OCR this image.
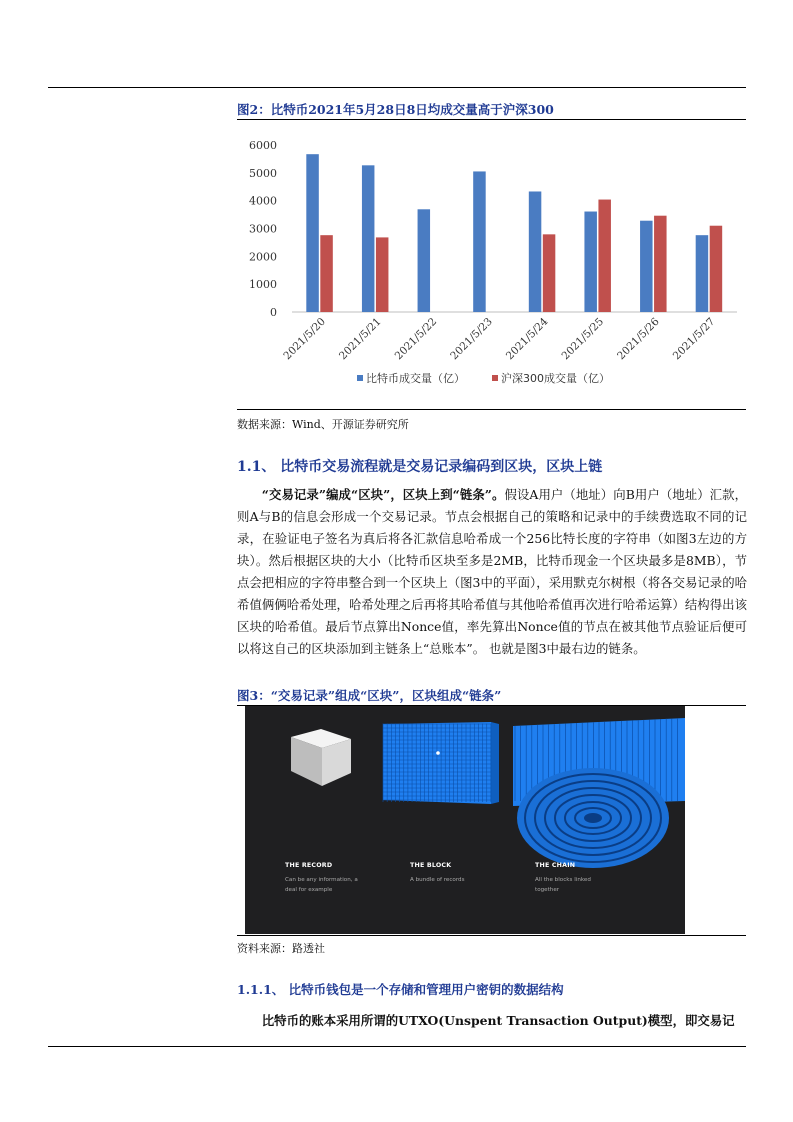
图2：比特币2021年5月28日8日均成交量高于沪深300
0
1000
2000
3000
4000
5000
6000
2021/5/20 2021/5/21 2021/5/22 2021/5/23 2021/5/24 2021/5/25 2021/5/26 2021/5/27
比特币成交量（亿）	沪深300成交量（亿）
数据来源：Wind、开源证券研究所
1.1、 比特币交易流程就是交易记录编码到区块，区块上链

“交易记录”编成“区块”，区块上到“链条”。假设A用户（地址）向B用户（地址）汇款，则A与B的信息会形成一个交易记录。节点会根据自己的策略和记录中的手续费选取不同的记录，在验证电子签名为真后将各汇款信息哈希成一个256比特长度的字符串（如图3左边的方块）。然后根据区块的大小（比特币区块至多是2MB，比特币现金一个区块最多是8MB），节点会把相应的字符串整合到一个区块上（图3中的平面），采用默克尔树根（将各交易记录的哈希值俩俩哈希处理，哈希处理之后再将其哈希值与其他哈希值再次进行哈希运算）结构得出该区块的哈希值。最后节点算出Nonce值，率先算出Nonce值的节点在被其他节点验证后便可以将这自己的区块添加到主链条上“总账本”。 也就是图3中最右边的链条。

图3：“交易记录”组成“区块”，区块组成“链条”
THE RECORD
Can be any information, a deal for example
THE BLOCK
A bundle of records
THE CHAIN
All the blocks linked together
资料来源：路透社
1.1.1、 比特币钱包是一个存储和管理用户密钥的数据结构

比特币的账本采用所谓的UTXO(Unspent Transaction Output)模型，即交易记
